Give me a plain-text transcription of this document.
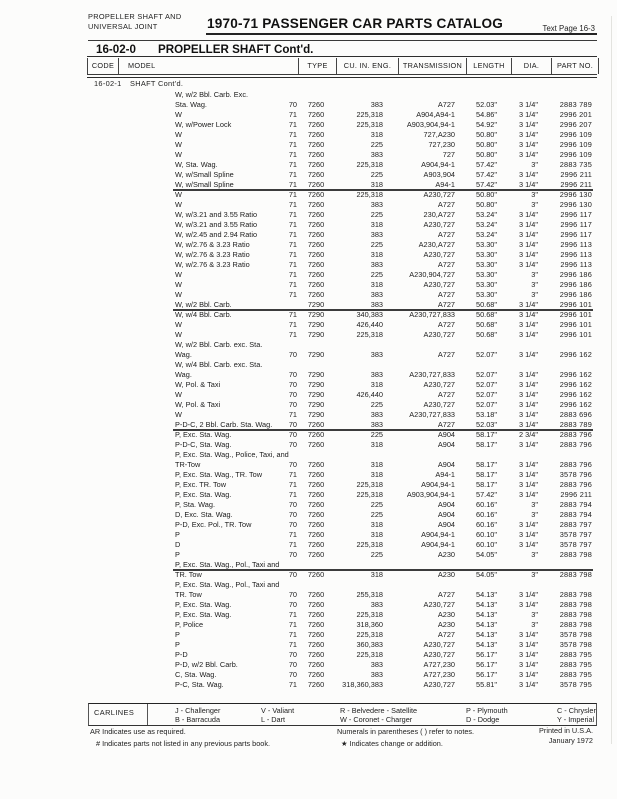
PROPELLER SHAFT AND
UNIVERSAL JOINT	1970-71 PASSENGER CAR PARTS CATALOG	Text Page 16-3
16-02-0 PROPELLER SHAFT Cont'd.
CODE	MODEL	TYPE	CU. IN. ENG.	TRANSMISSION	LENGTH	DIA.	PART NO.
16-02-1 SHAFT Cont'd.
W, w/2 Bbl. Carb. Exc.
Sta. Wag.	70	7260	383	A727	52.03"	3 1/4"	2883 789
W	71	7260	225,318	A904,A94-1	54.86"	3 1/4"	2996 201
W, w/Power Lock	71	7260	225,318	A903,904,94-1	54.92"	3 1/4"	2996 207
W	71	7260	318	727,A230	50.80"	3 1/4"	2996 109
W	71	7260	225	727,230	50.80"	3 1/4"	2996 109
W	71	7260	383	727	50.80"	3 1/4"	2996 109
W, Sta. Wag.	71	7260	225,318	A904,94-1	57.42"	3"	2883 735
W, w/Small Spline	71	7260	225	A903,904	57.42"	3 1/4"	2996 211
W, w/Small Spline	71	7260	318	A94-1	57.42"	3 1/4"	2996 211
W	71	7260	225,318	A230,727	50.80"	3"	2996 130
W	71	7260	383	A727	50.80"	3"	2996 130
W, w/3.21 and 3.55 Ratio	71	7260	225	230,A727	53.24"	3 1/4"	2996 117
W, w/3.21 and 3.55 Ratio	71	7260	318	A230,727	53.24"	3 1/4"	2996 117
W, w/2.45 and 2.94 Ratio	71	7260	383	A727	53.24"	3 1/4"	2996 117
W, w/2.76 & 3.23 Ratio	71	7260	225	A230,A727	53.30"	3 1/4"	2996 113
W, w/2.76 & 3.23 Ratio	71	7260	318	A230,727	53.30"	3 1/4"	2996 113
W, w/2.76 & 3.23 Ratio	71	7260	383	A727	53.30"	3 1/4"	2996 113
W	71	7260	225	A230,904,727	53.30"	3"	2996 186
W	71	7260	318	A230,727	53.30"	3"	2996 186
W	71	7260	383	A727	53.30"	3"	2996 186
W, w/2 Bbl. Carb.	7290	383	A727	50.68"	3 1/4"	2996 101
W, w/4 Bbl. Carb.	71	7290	340,383	A230,727,833	50.68"	3 1/4"	2996 101
W	71	7290	426,440	A727	50.68"	3 1/4"	2996 101
W	71	7290	225,318	A230,727	50.68"	3 1/4"	2996 101
W, w/2 Bbl. Carb. exc. Sta.
Wag.	70	7290	383	A727	52.07"	3 1/4"	2996 162
W, w/4 Bbl. Carb. exc. Sta.
Wag.	70	7290	383	A230,727,833	52.07"	3 1/4"	2996 162
W, Pol. & Taxi	70	7290	318	A230,727	52.07"	3 1/4"	2996 162
W	70	7290	426,440	A727	52.07"	3 1/4"	2996 162
W, Pol. & Taxi	70	7290	225	A230,727	52.07"	3 1/4"	2996 162
W	71	7290	383	A230,727,833	53.18"	3 1/4"	2883 696
P-D-C, 2 Bbl. Carb. Sta. Wag.	70	7260	383	A727	52.03"	3 1/4"	2883 789
P, Exc. Sta. Wag.	70	7260	225	A904	58.17"	2 3/4"	2883 796
P-D-C, Sta. Wag.	70	7260	318	A904	58.17"	3 1/4"	2883 796
P, Exc. Sta. Wag., Police, Taxi, and
TR-Tow	70	7260	318	A904	58.17"	3 1/4"	2883 796
P, Exc. Sta. Wag., TR. Tow	71	7260	318	A94-1	58.17"	3 1/4"	3578 796
P, Exc. TR. Tow	71	7260	225,318	A904,94-1	58.17"	3 1/4"	2883 796
P, Exc. Sta. Wag.	71	7260	225,318	A903,904,94-1	57.42"	3 1/4"	2996 211
P, Sta. Wag.	70	7260	225	A904	60.16"	3"	2883 794
D, Exc. Sta. Wag.	70	7260	225	A904	60.16"	3"	2883 794
P-D, Exc. Pol., TR. Tow	70	7260	318	A904	60.16"	3 1/4"	2883 797
P	71	7260	318	A904,94-1	60.10"	3 1/4"	3578 797
D	71	7260	225,318	A904,94-1	60.10"	3 1/4"	3578 797
P	70	7260	225	A230	54.05"	3"	2883 798
P, Exc. Sta. Wag., Pol., Taxi and
TR. Tow	70	7260	318	A230	54.05"	3"	2883 798
P, Exc. Sta. Wag., Pol., Taxi and
TR. Tow	70	7260	255,318	A727	54.13"	3 1/4"	2883 798
P, Exc. Sta. Wag.	70	7260	383	A230,727	54.13"	3 1/4"	2883 798
P, Exc. Sta. Wag.	71	7260	225,318	A230	54.13"	3"	2883 798
P, Police	71	7260	318,360	A230	54.13"	3"	2883 798
P	71	7260	225,318	A727	54.13"	3 1/4"	3578 798
P	71	7260	360,383	A230,727	54.13"	3 1/4"	3578 798
P-D	70	7260	225,318	A230,727	56.17"	3 1/4"	2883 795
P-D, w/2 Bbl. Carb.	70	7260	383	A727,230	56.17"	3 1/4"	2883 795
C, Sta. Wag.	70	7260	383	A727,230	56.17"	3 1/4"	2883 795
P-C, Sta. Wag.	71	7260	318,360,383	A230,727	55.81"	3 1/4"	3578 795
CARLINES	J - Challenger
B - Barracuda
V - Valiant
L - Dart
R - Belvedere - Satellite
W - Coronet - Charger
P - Plymouth
D - Dodge
C - Chrysler
Y - Imperial
AR Indicates use as required.
# Indicates parts not listed in any previous parts book.
Numerals in parentheses ( ) refer to notes.
★ Indicates change or addition.
Printed in U.S.A.
January 1972
